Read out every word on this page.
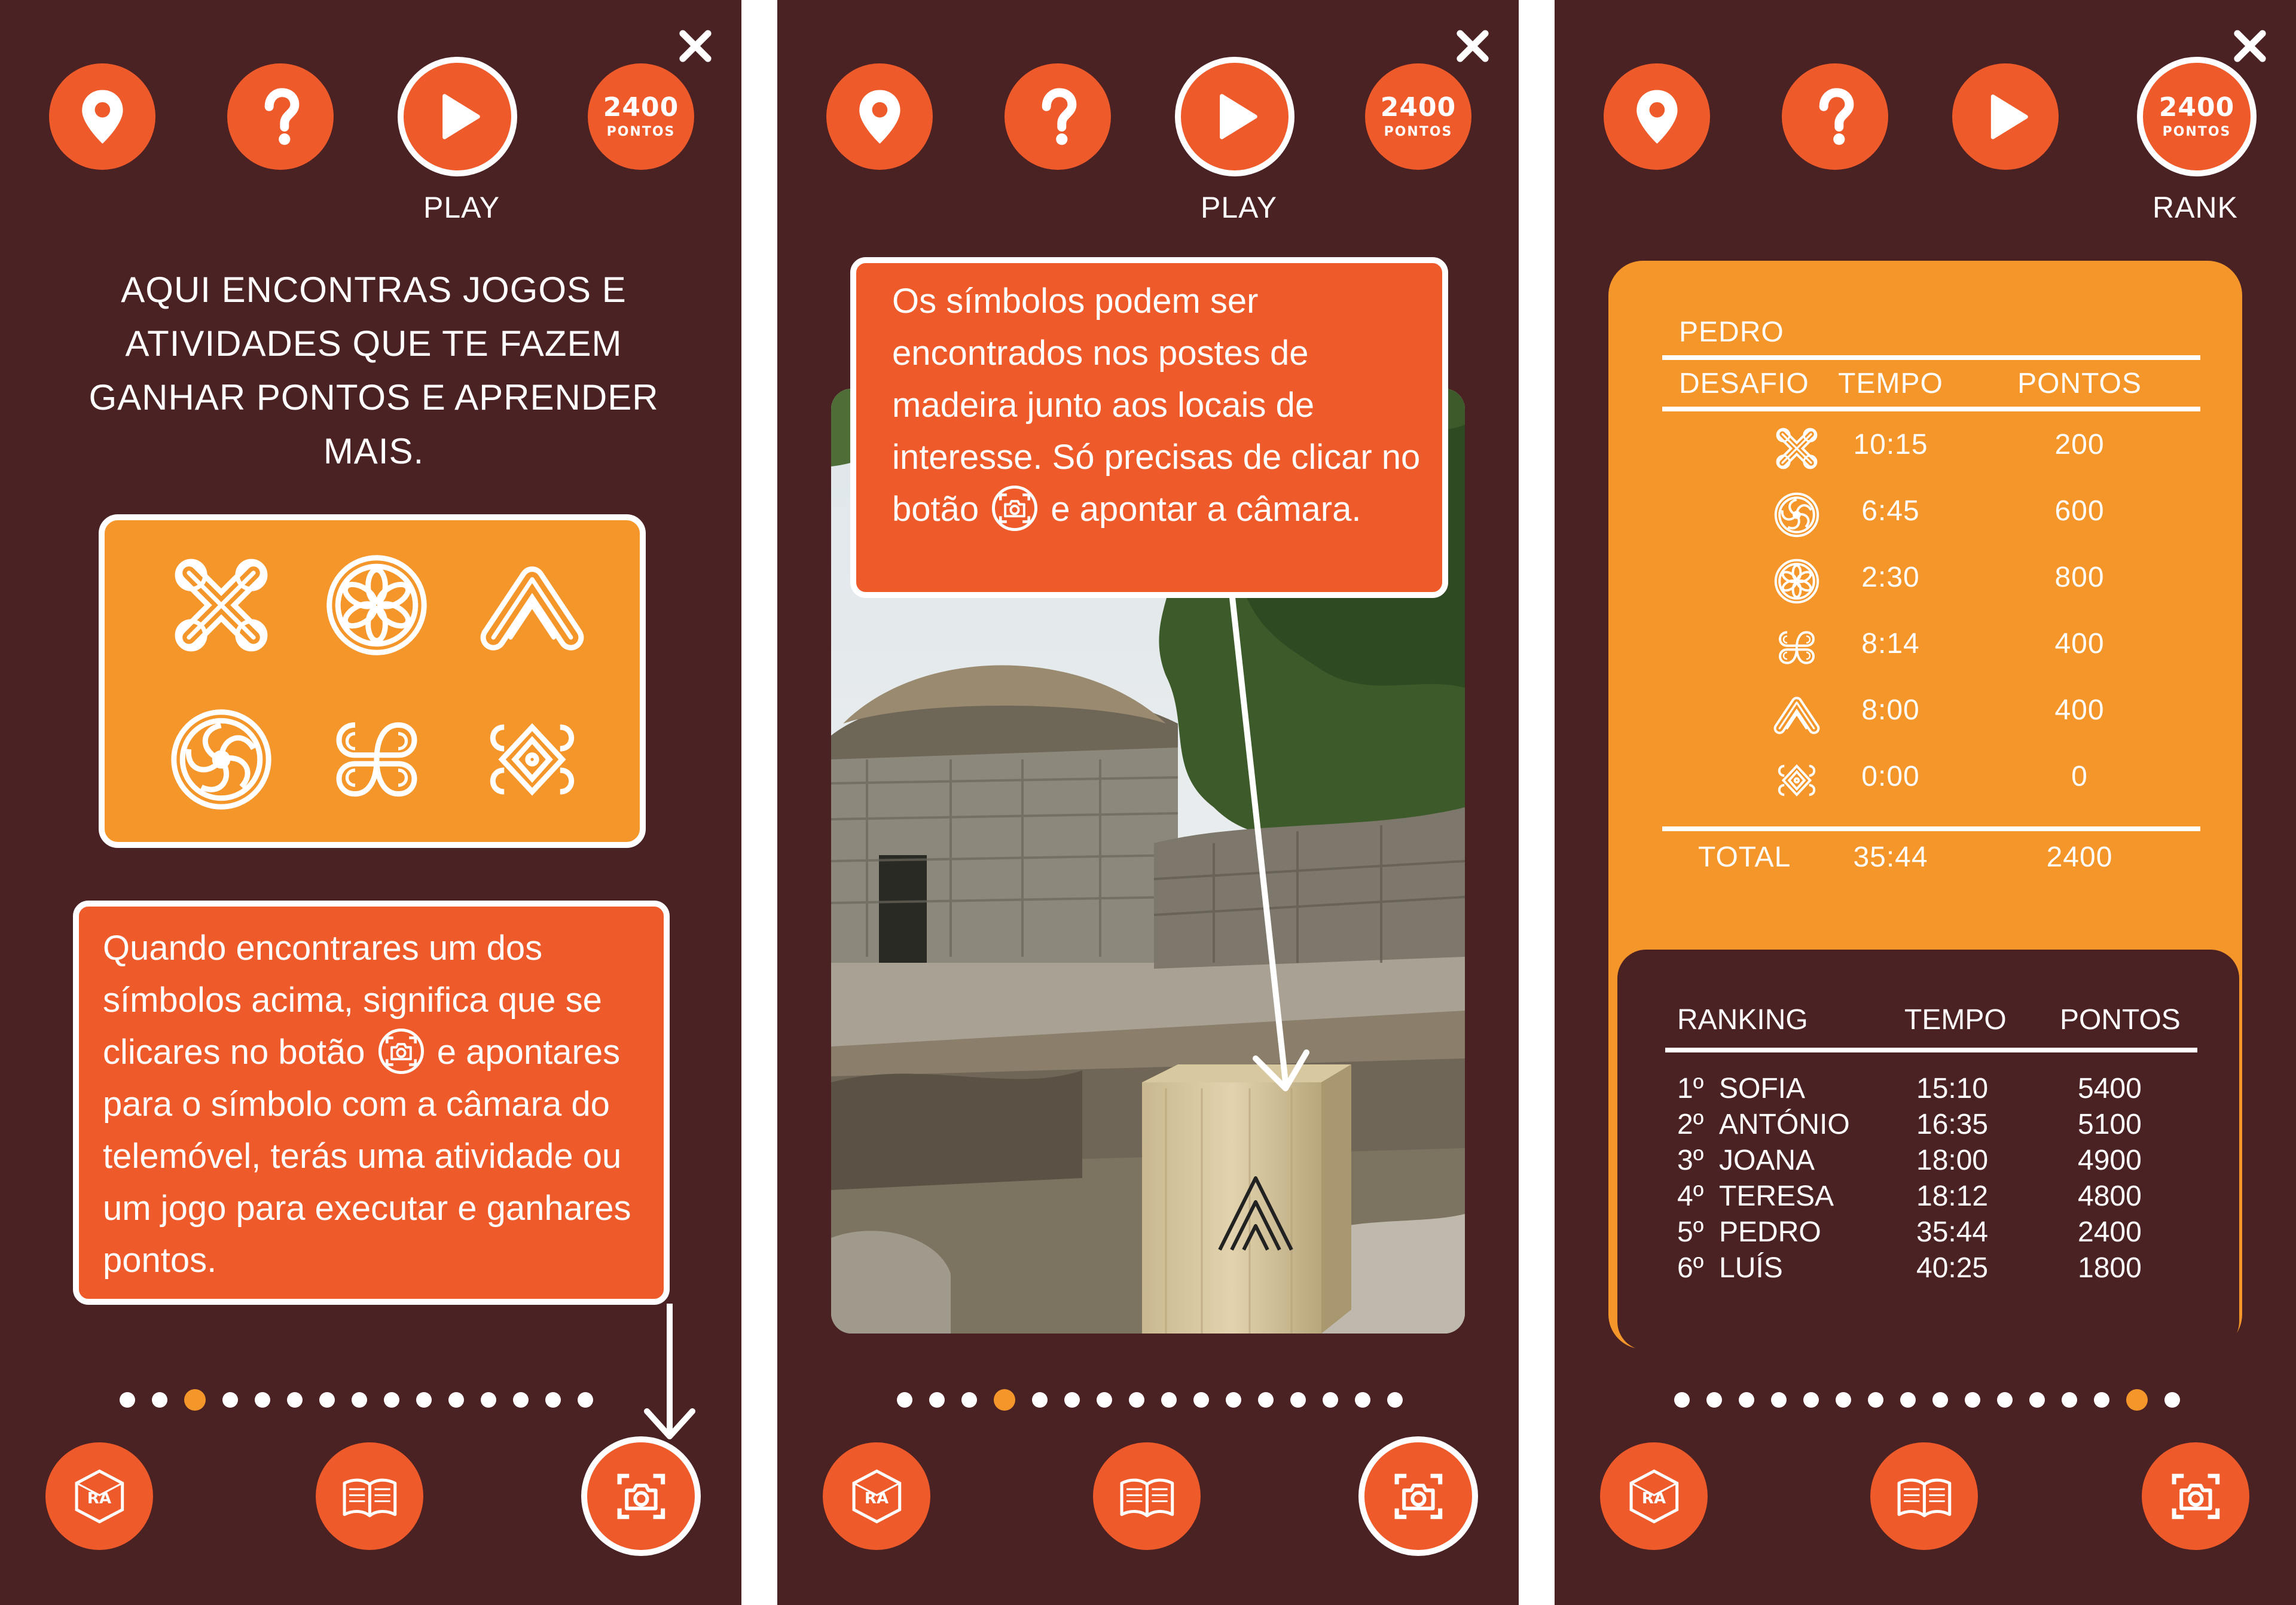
2400
PONTOS
PLAY
AQUI ENCONTRAS JOGOS E ATIVIDADES QUE TE FAZEM GANHAR PONTOS E APRENDER MAIS.
Quando encontrares um dos símbolos acima, significa que se clicares no botão e apontares para o símbolo com a câmara do telemóvel, terás uma atividade ou um jogo para executar e ganhares pontos.
RA
2400
PONTOS
PLAY
Os símbolos podem ser encontrados nos postes de madeira junto aos locais de interesse. Só precisas de clicar no botão e apontar a câmara.
RA
2400
PONTOS
RANK
PEDRO
DESAFIO	TEMPO	PONTOS
10:15	200
6:45	600
2:30	800
8:14	400
8:00	400
0:00	0
TOTAL	35:44	2400
RANKING	TEMPO PONTOS
1º SOFIA	15:10	5400
2º ANTÓNIO 16:35	5100
3º JOANA	18:00	4900
4º TERESA	18:12	4800
5º PEDRO	35:44	2400
6º LUÍS	40:25	1800
RA
